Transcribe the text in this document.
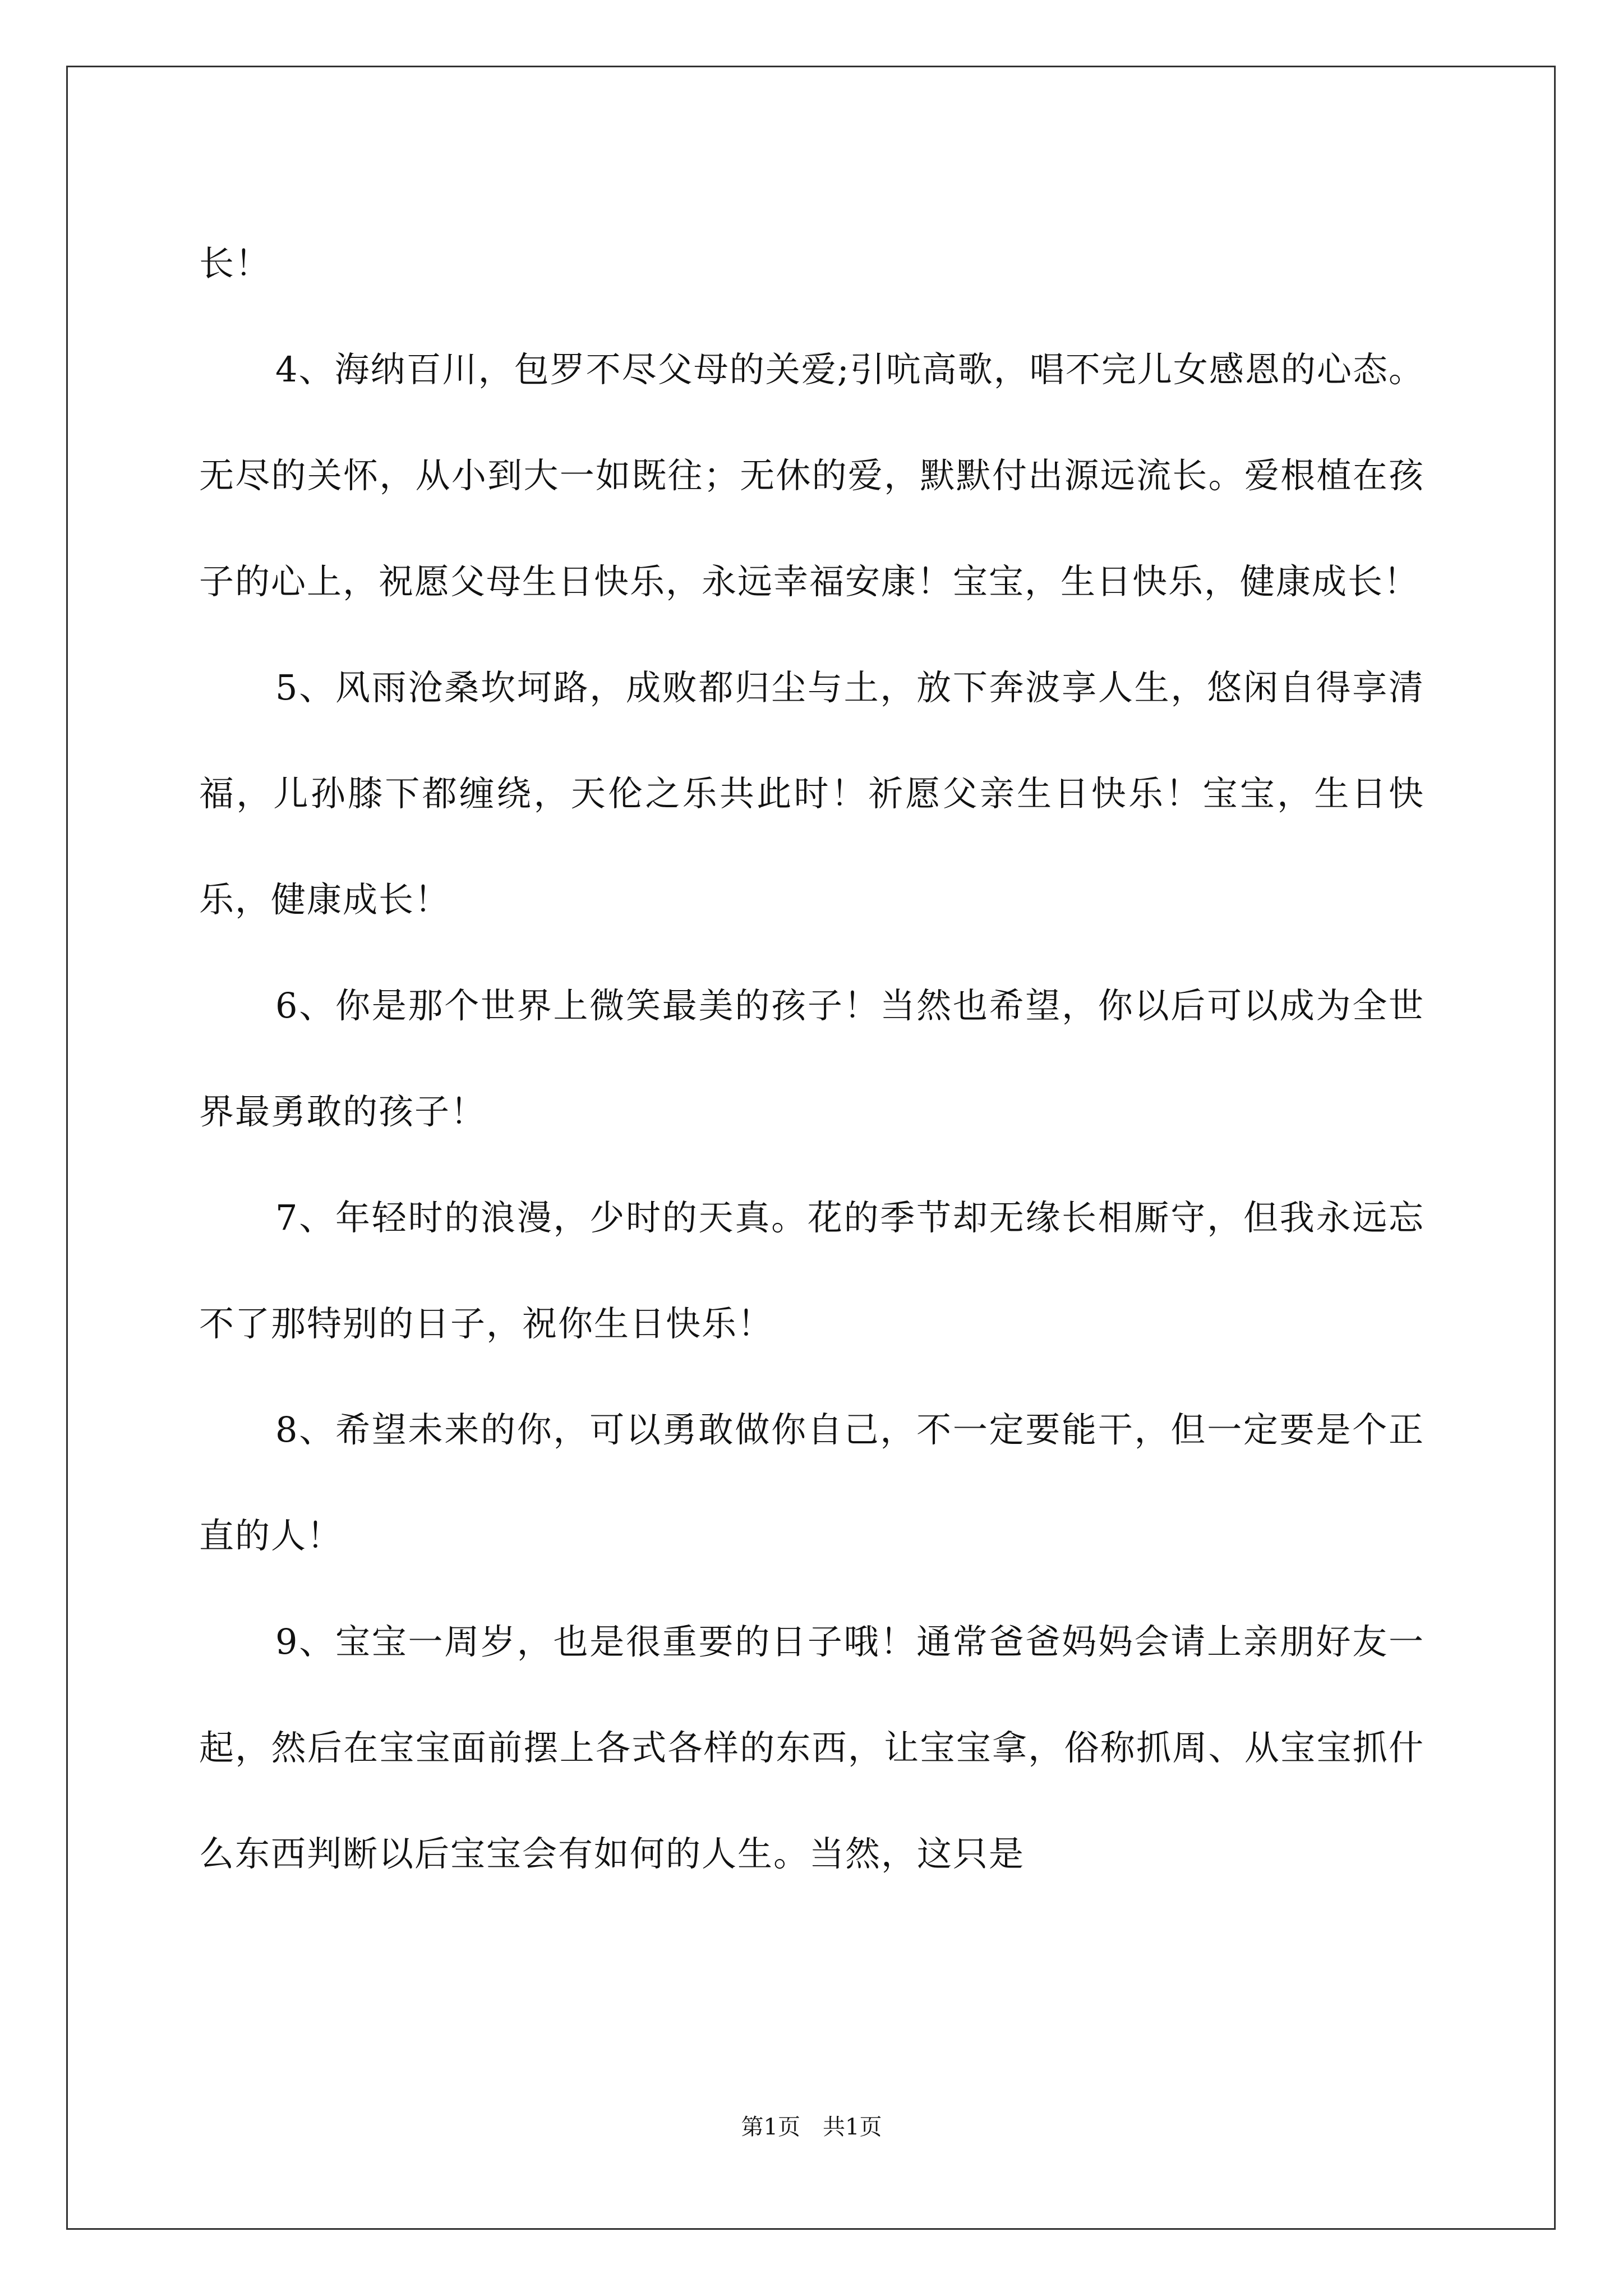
长！

4、海纳百川，包罗不尽父母的关爱;引吭高歌，唱不完儿女感恩的心态。无尽的关怀，从小到大一如既往；无休的爱，默默付出源远流长。爱根植在孩子的心上，祝愿父母生日快乐，永远幸福安康！宝宝，生日快乐，健康成长！

5、风雨沧桑坎坷路，成败都归尘与土，放下奔波享人生，悠闲自得享清福，儿孙膝下都缠绕，天伦之乐共此时！祈愿父亲生日快乐！宝宝，生日快乐，健康成长！

6、你是那个世界上微笑最美的孩子！当然也希望，你以后可以成为全世界最勇敢的孩子！

7、年轻时的浪漫，少时的天真。花的季节却无缘长相厮守，但我永远忘不了那特别的日子，祝你生日快乐！

8、希望未来的你，可以勇敢做你自己，不一定要能干，但一定要是个正直的人！

9、宝宝一周岁，也是很重要的日子哦！通常爸爸妈妈会请上亲朋好友一起，然后在宝宝面前摆上各式各样的东西，让宝宝拿，俗称抓周、从宝宝抓什么东西判断以后宝宝会有如何的人生。当然，这只是

第1页　共1页
